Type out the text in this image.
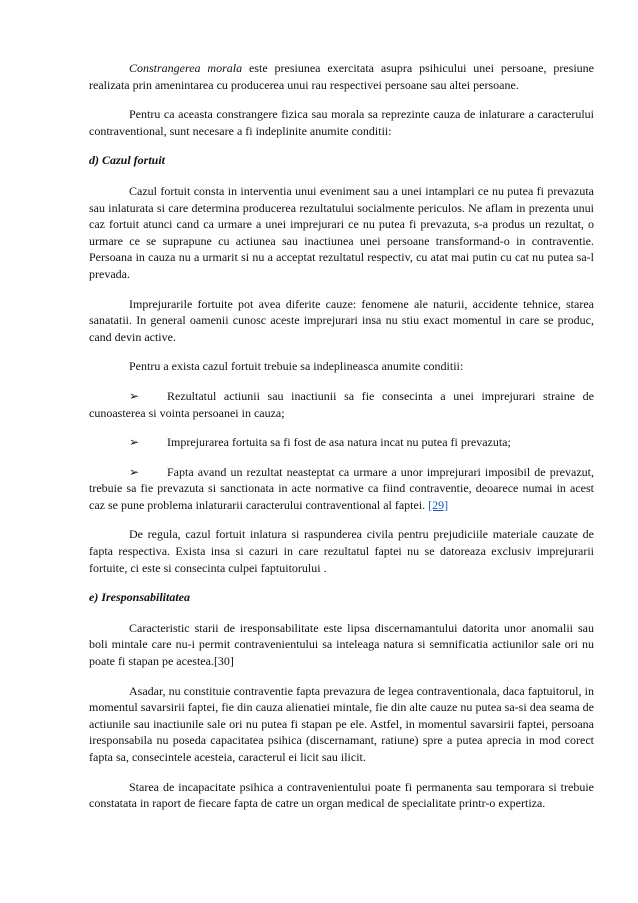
Constrangerea morala este presiunea exercitata asupra psihicului unei persoane, presiune realizata prin amenintarea cu producerea unui rau respectivei persoane sau altei persoane.

Pentru ca aceasta constrangere fizica sau morala sa reprezinte cauza de inlaturare a caracterului contraventional, sunt necesare a fi indeplinite anumite conditii:

d) Cazul fortuit

Cazul fortuit consta in interventia unui eveniment sau a unei intamplari ce nu putea fi prevazuta sau inlaturata si care determina producerea rezultatului socialmente periculos. Ne aflam in prezenta unui caz fortuit atunci cand ca urmare a unei imprejurari ce nu putea fi prevazuta, s-a produs un rezultat, o urmare ce se suprapune cu actiunea sau inactiunea unei persoane transformand-o in contraventie. Persoana in cauza nu a urmarit si nu a acceptat rezultatul respectiv, cu atat mai putin cu cat nu putea sa-l prevada.

Imprejurarile fortuite pot avea diferite cauze: fenomene ale naturii, accidente tehnice, starea sanatatii. In general oamenii cunosc aceste imprejurari insa nu stiu exact momentul in care se produc, cand devin active.

Pentru a exista cazul fortuit trebuie sa indeplineasca anumite conditii:

➢ Rezultatul actiunii sau inactiunii sa fie consecinta a unei imprejurari straine de cunoasterea si vointa persoanei in cauza;

➢ Imprejurarea fortuita sa fi fost de asa natura incat nu putea fi prevazuta;

➢ Fapta avand un rezultat neasteptat ca urmare a unor imprejurari imposibil de prevazut, trebuie sa fie prevazuta si sanctionata in acte normative ca fiind contraventie, deoarece numai in acest caz se pune problema inlaturarii caracterului contraventional al faptei. [29]

De regula, cazul fortuit inlatura si raspunderea civila pentru prejudiciile materiale cauzate de fapta respectiva. Exista insa si cazuri in care rezultatul faptei nu se datoreaza exclusiv imprejurarii fortuite, ci este si consecinta culpei faptuitorului .

e) Iresponsabilitatea

Caracteristic starii de iresponsabilitate este lipsa discernamantului datorita unor anomalii sau boli mintale care nu-i permit contravenientului sa inteleaga natura si semnificatia actiunilor sale ori nu poate fi stapan pe acestea.[30]

Asadar, nu constituie contraventie fapta prevazura de legea contraventionala, daca faptuitorul, in momentul savarsirii faptei, fie din cauza alienatiei mintale, fie din alte cauze nu putea sa-si dea seama de actiunile sau inactiunile sale ori nu putea fi stapan pe ele. Astfel, in momentul savarsirii faptei, persoana iresponsabila nu poseda capacitatea psihica (discernamant, ratiune) spre a putea aprecia in mod corect fapta sa, consecintele acesteia, caracterul ei licit sau ilicit.

Starea de incapacitate psihica a contravenientului poate fi permanenta sau temporara si trebuie constatata in raport de fiecare fapta de catre un organ medical de specialitate printr-o expertiza.
